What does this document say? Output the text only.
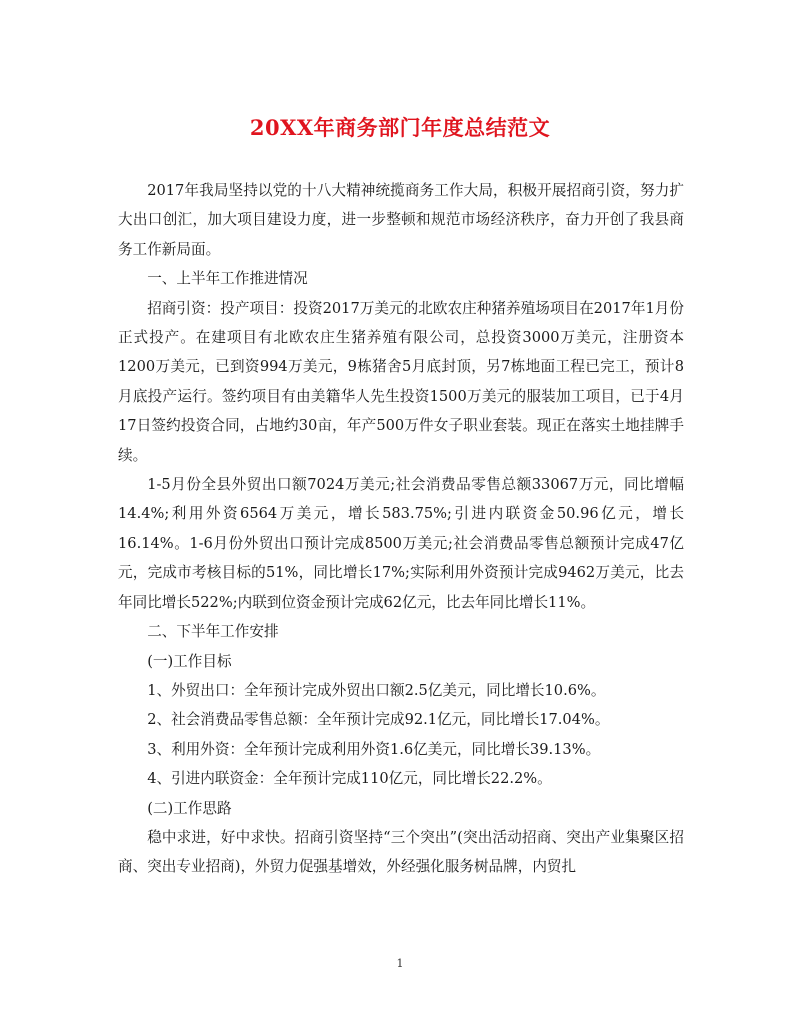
20XX年商务部门年度总结范文

2017年我局坚持以党的十八大精神统揽商务工作大局，积极开展招商引资，努力扩大出口创汇，加大项目建设力度，进一步整顿和规范市场经济秩序，奋力开创了我县商务工作新局面。

一、上半年工作推进情况

招商引资：投产项目：投资2017万美元的北欧农庄种猪养殖场项目在2017年1月份正式投产。在建项目有北欧农庄生猪养殖有限公司，总投资3000万美元，注册资本1200万美元，已到资994万美元，9栋猪舍5月底封顶，另7栋地面工程已完工，预计8月底投产运行。签约项目有由美籍华人先生投资1500万美元的服装加工项目，已于4月17日签约投资合同，占地约30亩，年产500万件女子职业套装。现正在落实土地挂牌手续。

1-5月份全县外贸出口额7024万美元;社会消费品零售总额33067万元，同比增幅14.4%;利用外资6564万美元，增长583.75%;引进内联资金50.96亿元，增长16.14%。1-6月份外贸出口预计完成8500万美元;社会消费品零售总额预计完成47亿元，完成市考核目标的51%，同比增长17%;实际利用外资预计完成9462万美元，比去年同比增长522%;内联到位资金预计完成62亿元，比去年同比增长11%。

二、下半年工作安排

(一)工作目标

1、外贸出口：全年预计完成外贸出口额2.5亿美元，同比增长10.6%。

2、社会消费品零售总额：全年预计完成92.1亿元，同比增长17.04%。

3、利用外资：全年预计完成利用外资1.6亿美元，同比增长39.13%。

4、引进内联资金：全年预计完成110亿元，同比增长22.2%。

(二)工作思路

稳中求进，好中求快。招商引资坚持“三个突出”(突出活动招商、突出产业集聚区招商、突出专业招商)，外贸力促强基增效，外经强化服务树品牌，内贸扎

1
